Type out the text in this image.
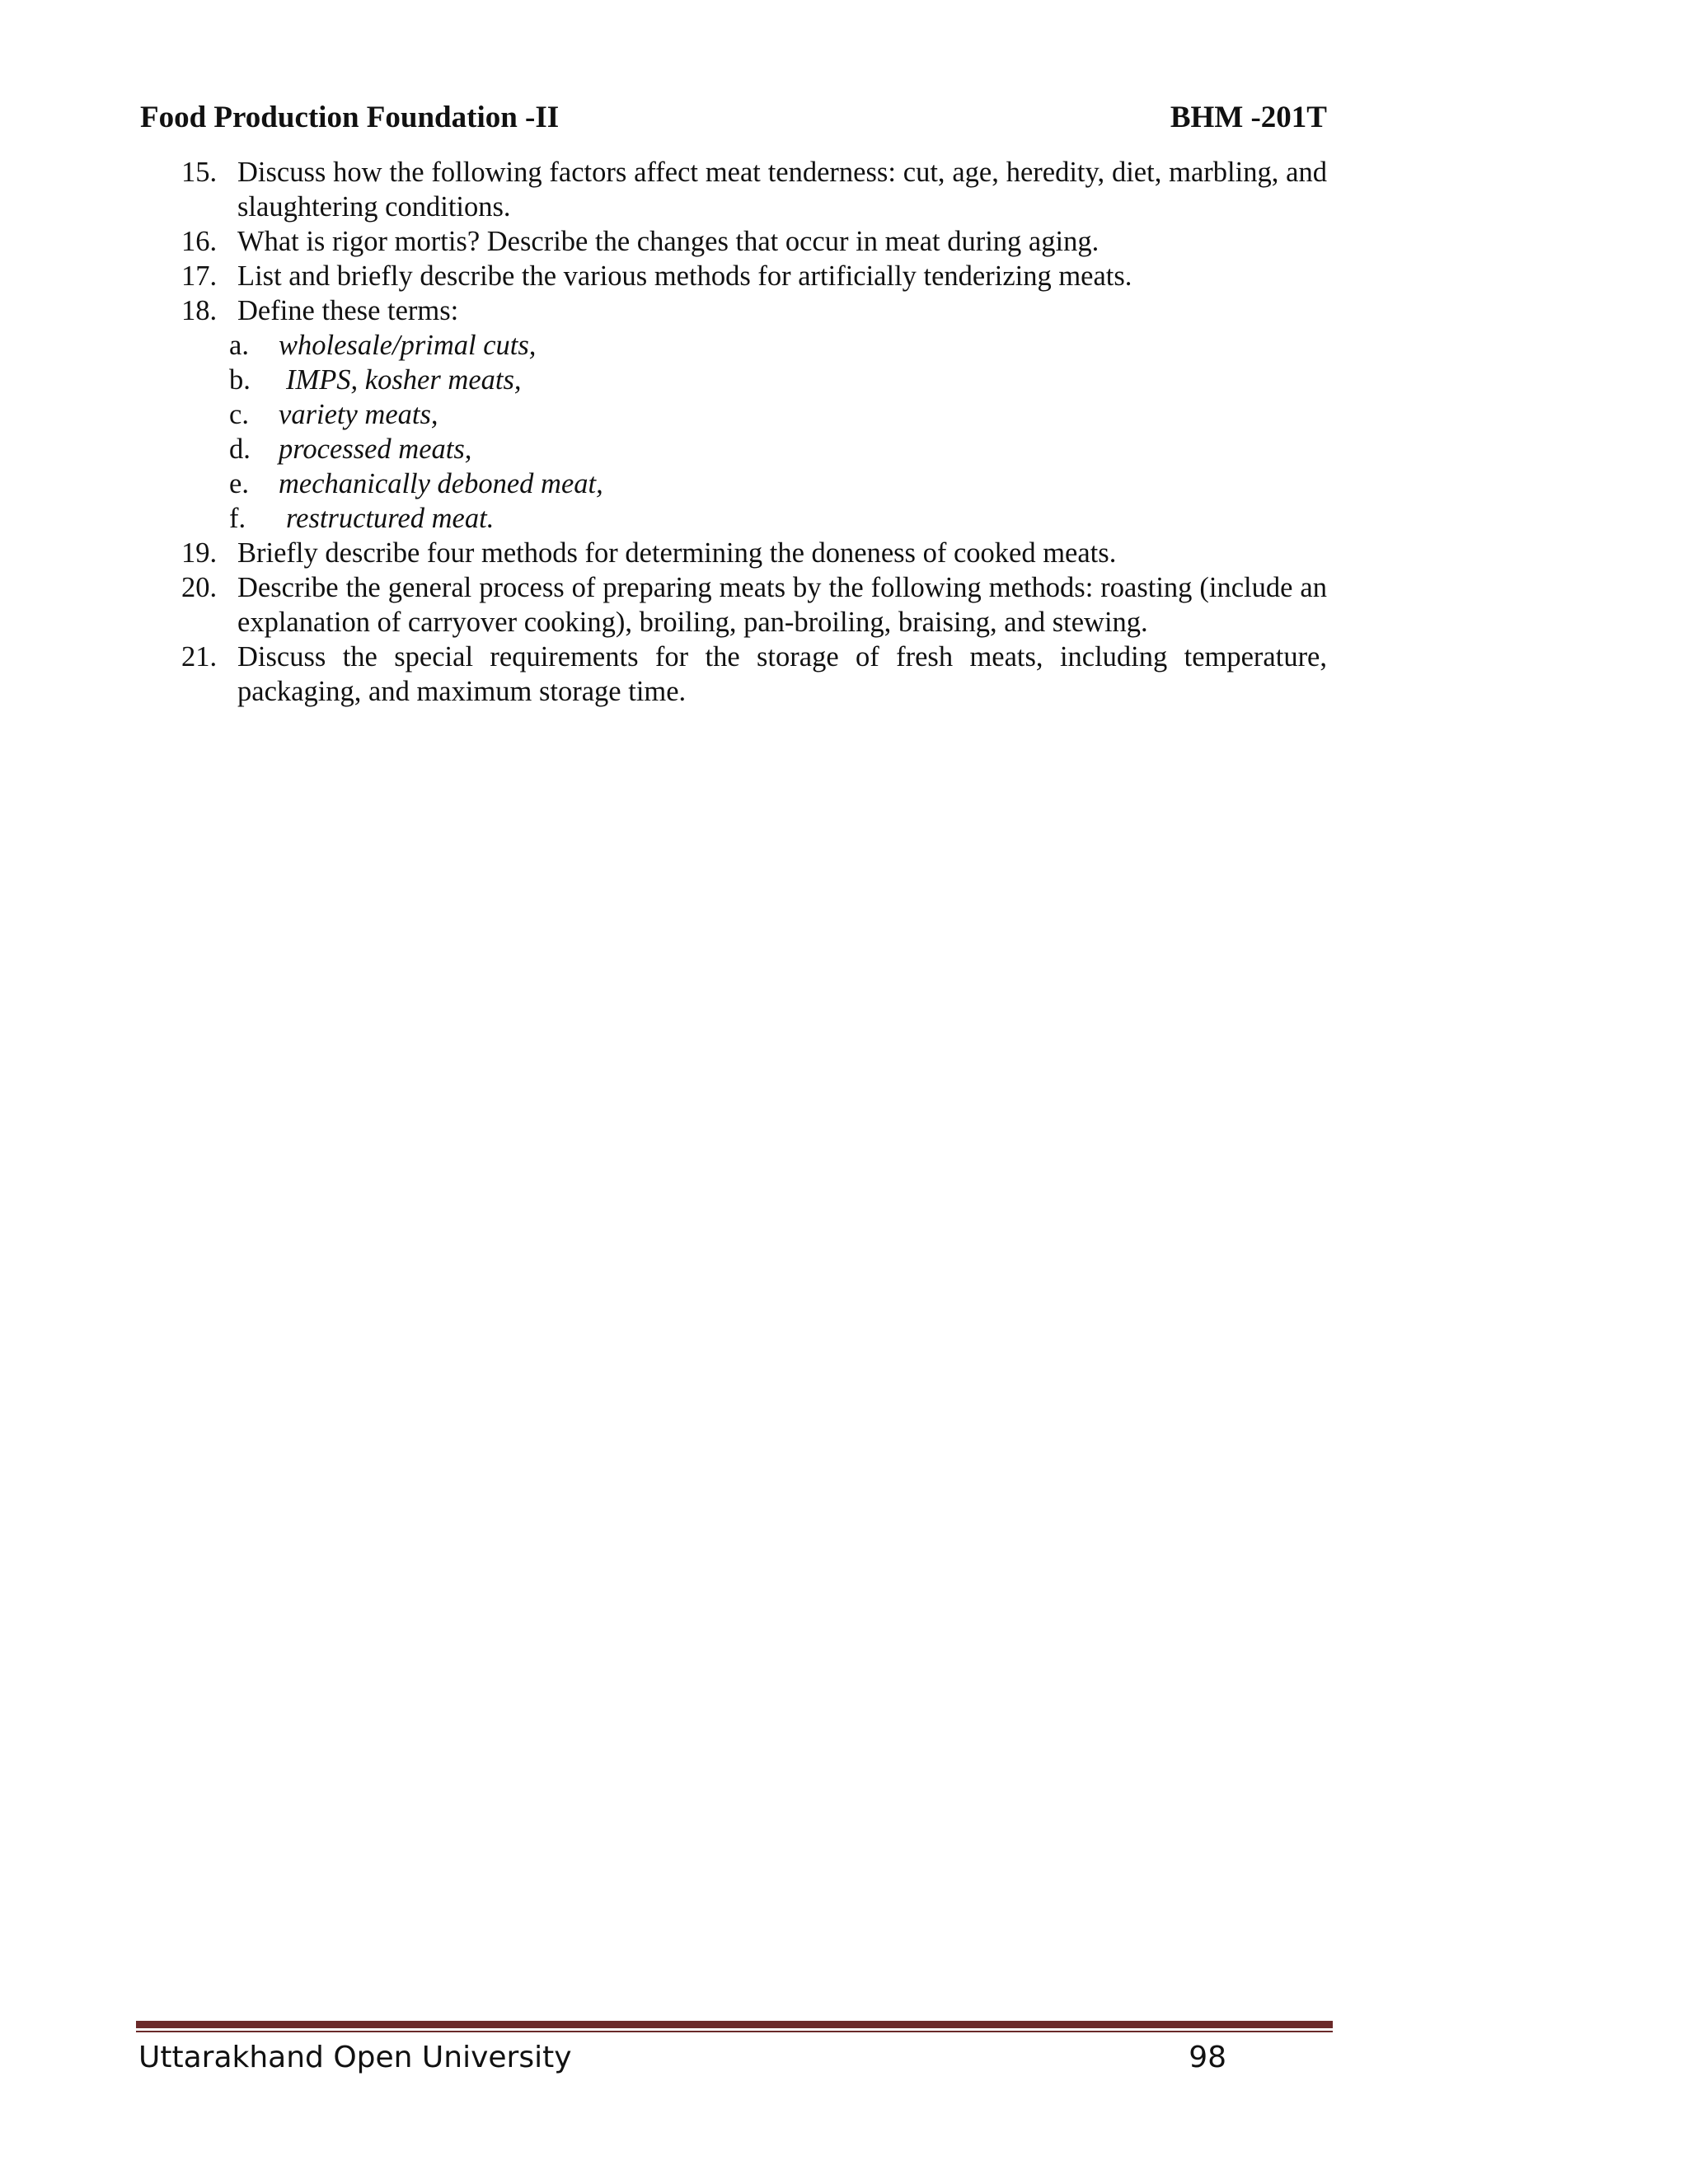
Food Production Foundation -II	BHM -201T
15. Discuss how the following factors affect meat tenderness: cut, age, heredity, diet, marbling, and slaughtering conditions.
16. What is rigor mortis? Describe the changes that occur in meat during aging.
17. List and briefly describe the various methods for artificially tenderizing meats.
18. Define these terms:
a.	wholesale/primal cuts,
b.	IMPS, kosher meats,
c.	variety meats,
d. processed meats,
e.	mechanically deboned meat,
f.	restructured meat.
19. Briefly describe four methods for determining the doneness of cooked meats.
20. Describe the general process of preparing meats by the following methods: roasting (include an explanation of carryover cooking), broiling, pan-broiling, braising, and stewing.
21. Discuss the special requirements for the storage of fresh meats, including temperature, packaging, and maximum storage time.
Uttarakhand Open University	98
